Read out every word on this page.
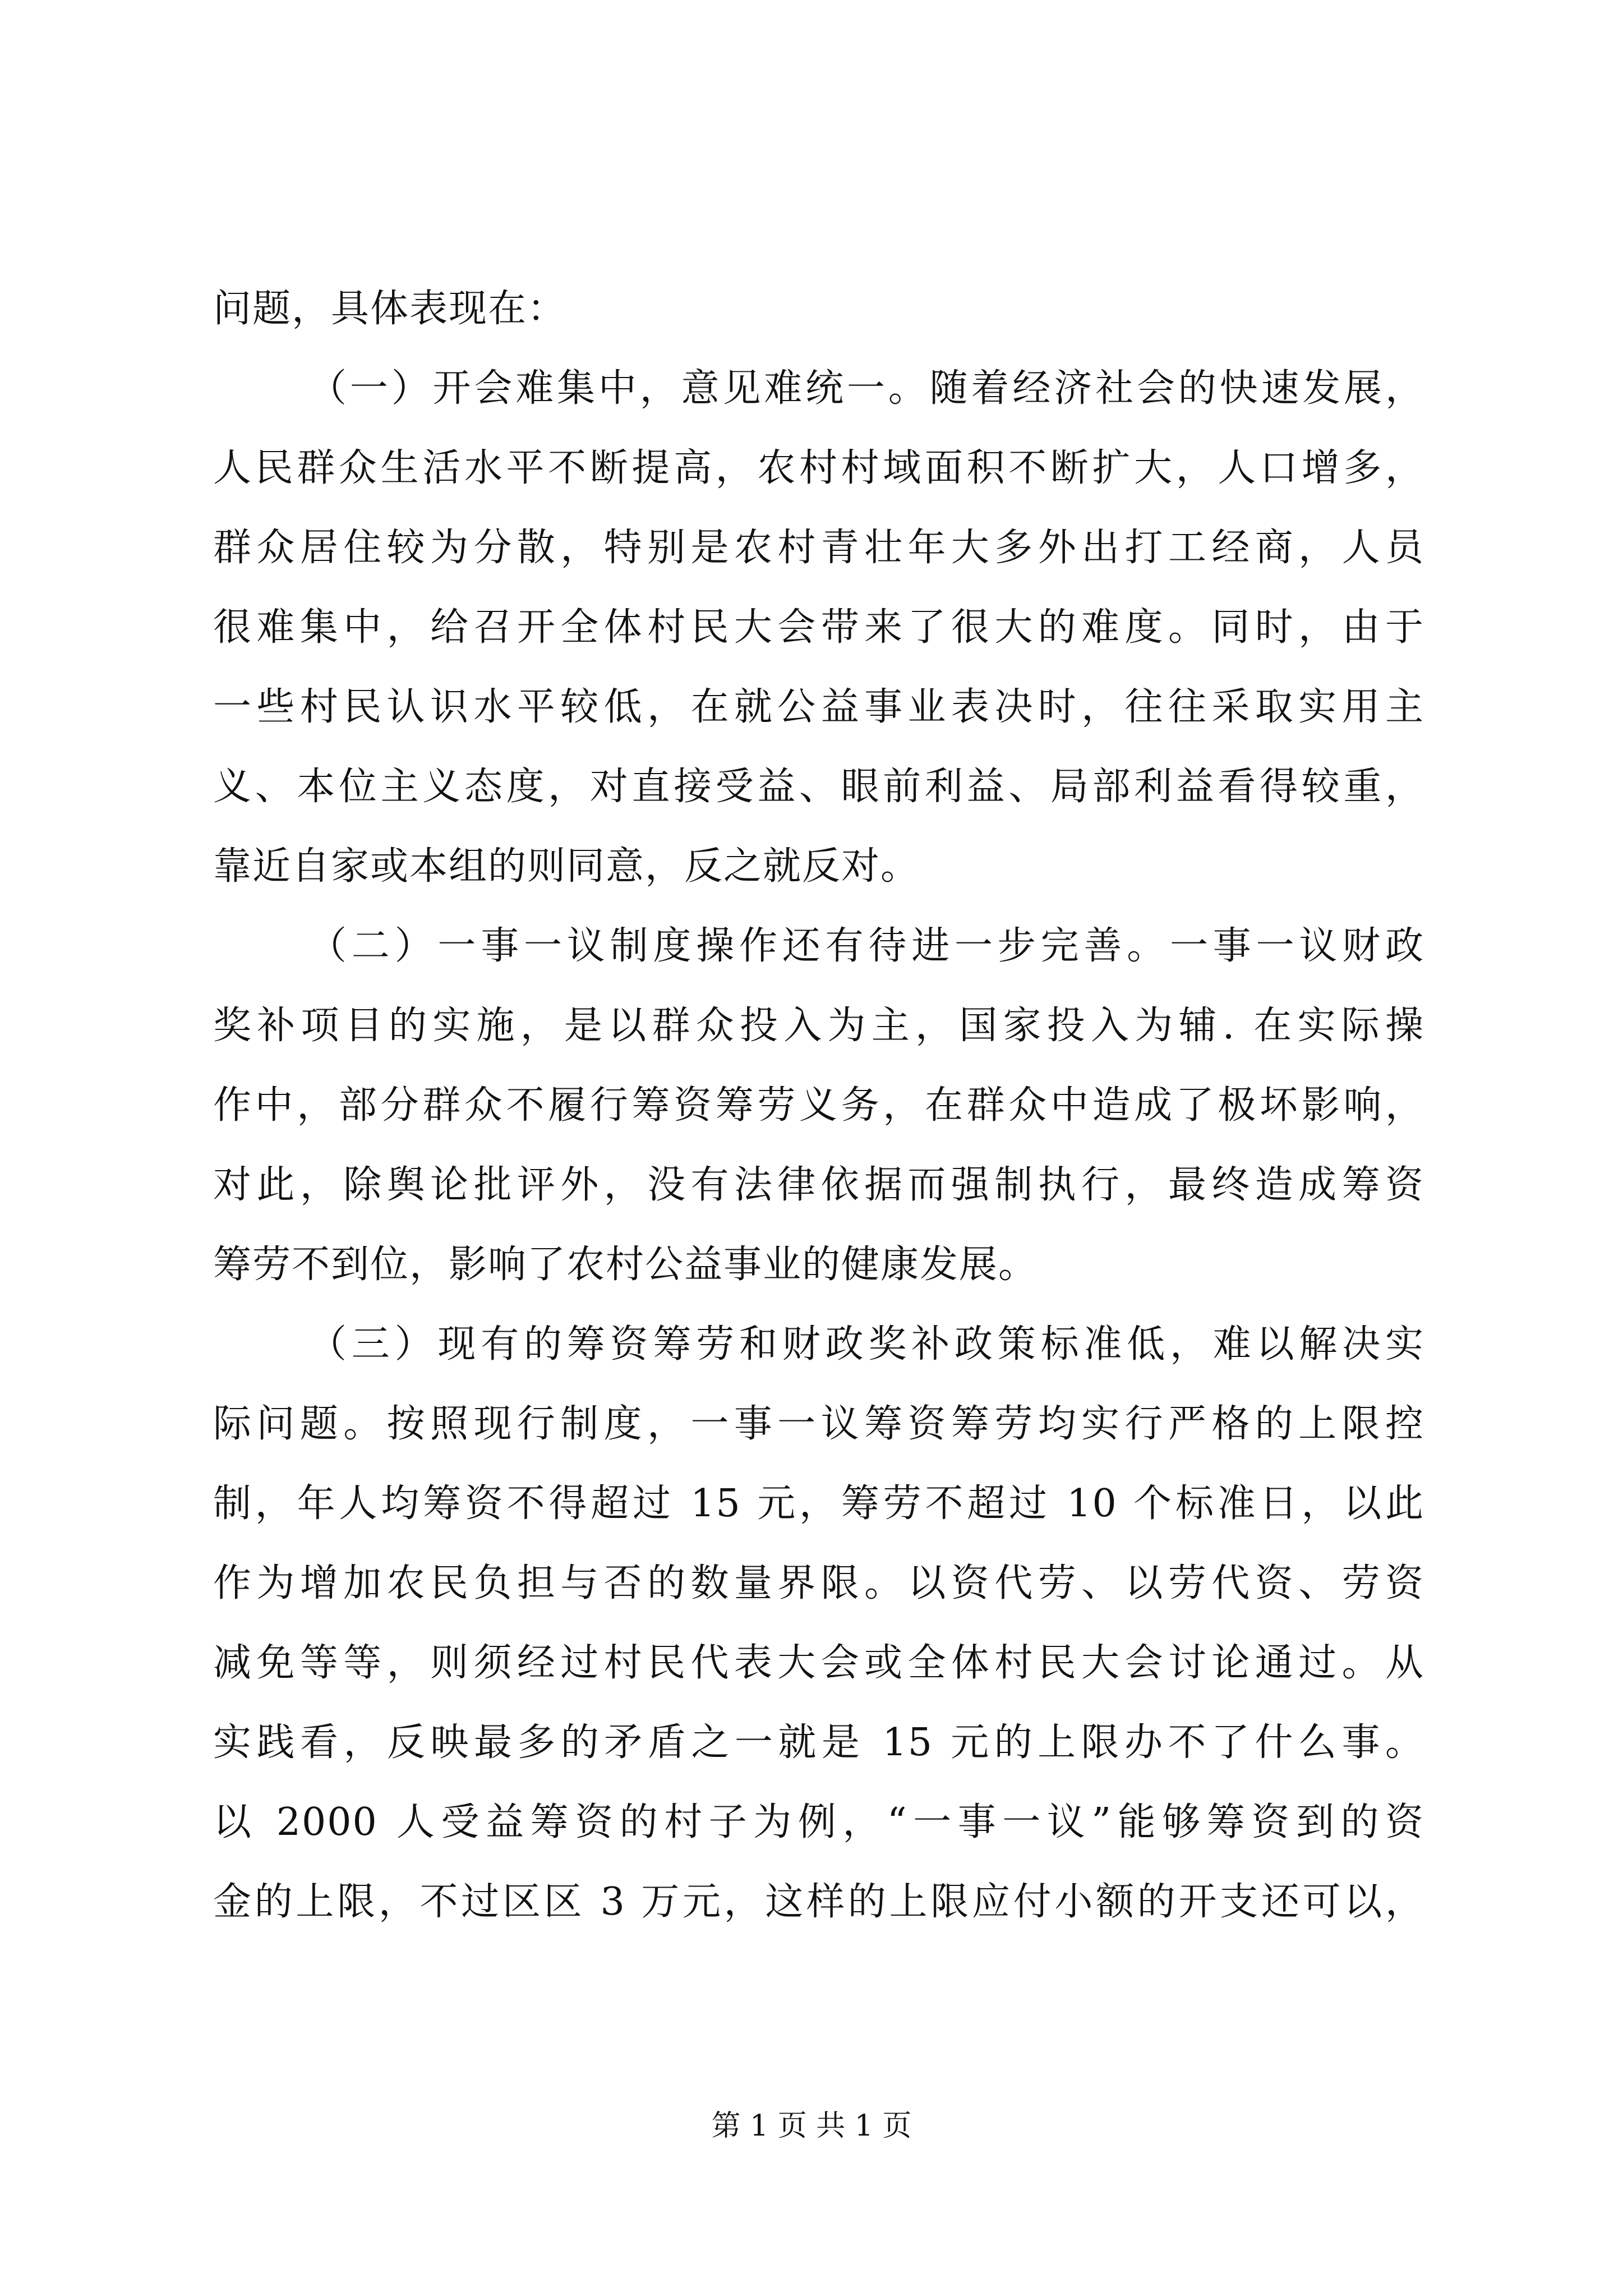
问题，具体表现在：
（一）开会难集中，意见难统一。随着经济社会的快速发展，
人民群众生活水平不断提高，农村村域面积不断扩大，人口增多，
群众居住较为分散，特别是农村青壮年大多外出打工经商，人员
很难集中，给召开全体村民大会带来了很大的难度。同时，由于
一些村民认识水平较低，在就公益事业表决时，往往采取实用主
义、本位主义态度，对直接受益、眼前利益、局部利益看得较重，
靠近自家或本组的则同意，反之就反对。
（二）一事一议制度操作还有待进一步完善。一事一议财政
奖补项目的实施，是以群众投入为主，国家投入为辅. 在实际操
作中，部分群众不履行筹资筹劳义务，在群众中造成了极坏影响，
对此，除舆论批评外，没有法律依据而强制执行，最终造成筹资
筹劳不到位，影响了农村公益事业的健康发展。
（三）现有的筹资筹劳和财政奖补政策标准低，难以解决实
际问题。按照现行制度，一事一议筹资筹劳均实行严格的上限控
制，年人均筹资不得超过 15 元，筹劳不超过 10 个标准日，以此
作为增加农民负担与否的数量界限。以资代劳、以劳代资、劳资
减免等等，则须经过村民代表大会或全体村民大会讨论通过。从
实践看，反映最多的矛盾之一就是 15 元的上限办不了什么事。
以 2000 人受益筹资的村子为例，“一事一议”能够筹资到的资
金的上限，不过区区 3 万元，这样的上限应付小额的开支还可以，
第 1 页 共 1 页
